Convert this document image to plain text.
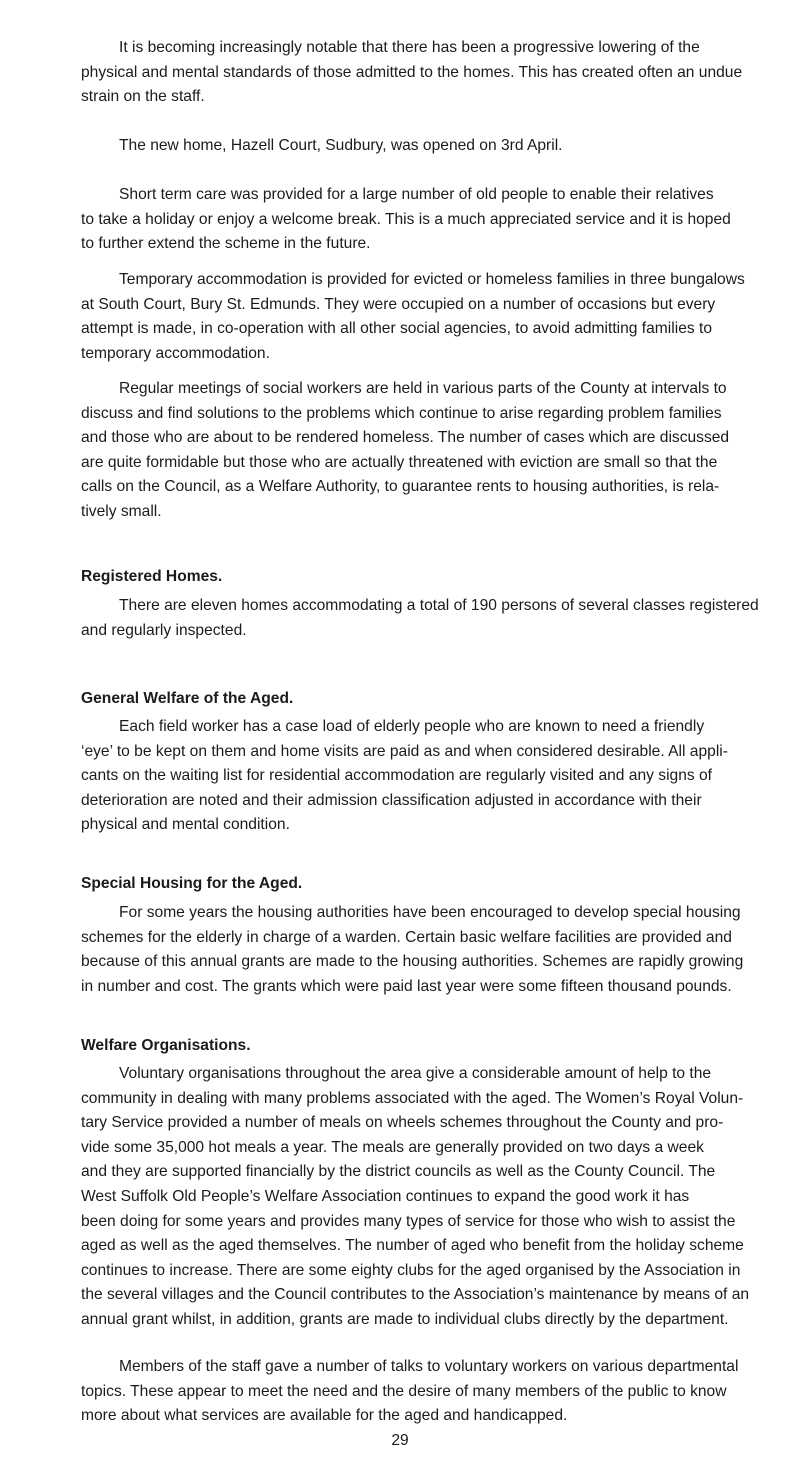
It is becoming increasingly notable that there has been a progressive lowering of the
physical and mental standards of those admitted to the homes. This has created often an undue
strain on the staff.

The new home, Hazell Court, Sudbury, was opened on 3rd April.

Short term care was provided for a large number of old people to enable their relatives
to take a holiday or enjoy a welcome break. This is a much appreciated service and it is hoped
to further extend the scheme in the future.

Temporary accommodation is provided for evicted or homeless families in three bungalows
at South Court, Bury St. Edmunds. They were occupied on a number of occasions but every
attempt is made, in co-operation with all other social agencies, to avoid admitting families to
temporary accommodation.

Regular meetings of social workers are held in various parts of the County at intervals to
discuss and find solutions to the problems which continue to arise regarding problem families
and those who are about to be rendered homeless. The number of cases which are discussed
are quite formidable but those who are actually threatened with eviction are small so that the
calls on the Council, as a Welfare Authority, to guarantee rents to housing authorities, is rela-
tively small.

Registered Homes.

There are eleven homes accommodating a total of 190 persons of several classes registered
and regularly inspected.

General Welfare of the Aged.

Each field worker has a case load of elderly people who are known to need a friendly
‘eye’ to be kept on them and home visits are paid as and when considered desirable. All appli-
cants on the waiting list for residential accommodation are regularly visited and any signs of
deterioration are noted and their admission classification adjusted in accordance with their
physical and mental condition.

Special Housing for the Aged.

For some years the housing authorities have been encouraged to develop special housing
schemes for the elderly in charge of a warden. Certain basic welfare facilities are provided and
because of this annual grants are made to the housing authorities. Schemes are rapidly growing
in number and cost. The grants which were paid last year were some fifteen thousand pounds.

Welfare Organisations.

Voluntary organisations throughout the area give a considerable amount of help to the
community in dealing with many problems associated with the aged. The Women’s Royal Volun-
tary Service provided a number of meals on wheels schemes throughout the County and pro-
vide some 35,000 hot meals a year. The meals are generally provided on two days a week
and they are supported financially by the district councils as well as the County Council. The
West Suffolk Old People’s Welfare Association continues to expand the good work it has
been doing for some years and provides many types of service for those who wish to assist the
aged as well as the aged themselves. The number of aged who benefit from the holiday scheme
continues to increase. There are some eighty clubs for the aged organised by the Association in
the several villages and the Council contributes to the Association’s maintenance by means of an
annual grant whilst, in addition, grants are made to individual clubs directly by the department.

Members of the staff gave a number of talks to voluntary workers on various departmental
topics. These appear to meet the need and the desire of many members of the public to know
more about what services are available for the aged and handicapped.

29
